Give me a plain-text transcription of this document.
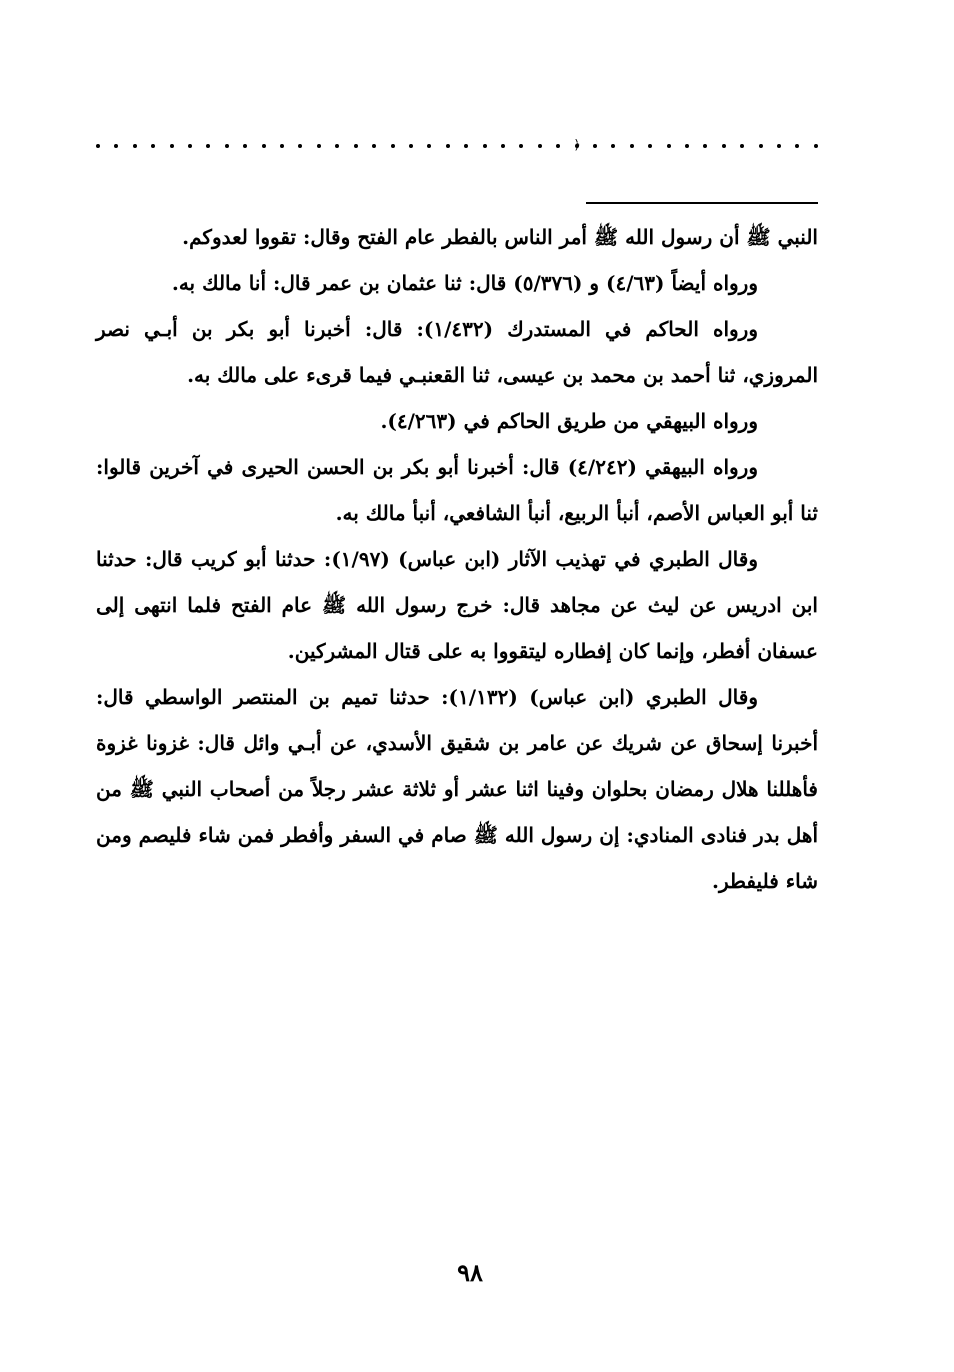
﴿

النبي ﷺ أن رسول الله ﷺ أمر الناس بالفطر عام الفتح وقال: تقووا لعدوكم.

ورواه أيضاً (٤/٦٣) و (٥/٣٧٦) قال: ثنا عثمان بن عمر قال: أنا مالك به.

ورواه الحاكم في المستدرك (١/٤٣٢): قال: أخبرنا أبو بكر بن أبـي نصر المروزي، ثنا أحمد بن محمد بن عيسى، ثنا القعنبـي فيما قرىء على مالك به.

ورواه البيهقي من طريق الحاكم في (٤/٢٦٣).

ورواه البيهقي (٤/٢٤٢) قال: أخبرنا أبو بكر بن الحسن الحيرى في آخرين قالوا: ثنا أبو العباس الأصم، أنبأ الربيع، أنبأ الشافعي، أنبأ مالك به.

وقال الطبري في تهذيب الآثار (ابن عباس) (١/٩٧): حدثنا أبو كريب قال: حدثنا ابن ادريس عن ليث عن مجاهد قال: خرج رسول الله ﷺ عام الفتح فلما انتهى إلى عسفان أفطر، وإنما كان إفطاره ليتقووا به على قتال المشركين.

وقال الطبري (ابن عباس) (١/١٣٢): حدثنا تميم بن المنتصر الواسطي قال: أخبرنا إسحاق عن شريك عن عامر بن شقيق الأسدي، عن أبـي وائل قال: غزونا غزوة فأهللنا هلال رمضان بحلوان وفينا اثنا عشر أو ثلاثة عشر رجلاً من أصحاب النبي ﷺ من أهل بدر فنادى المنادي: إن رسول الله ﷺ صام في السفر وأفطر فمن شاء فليصم ومن شاء فليفطر.

٩٨
